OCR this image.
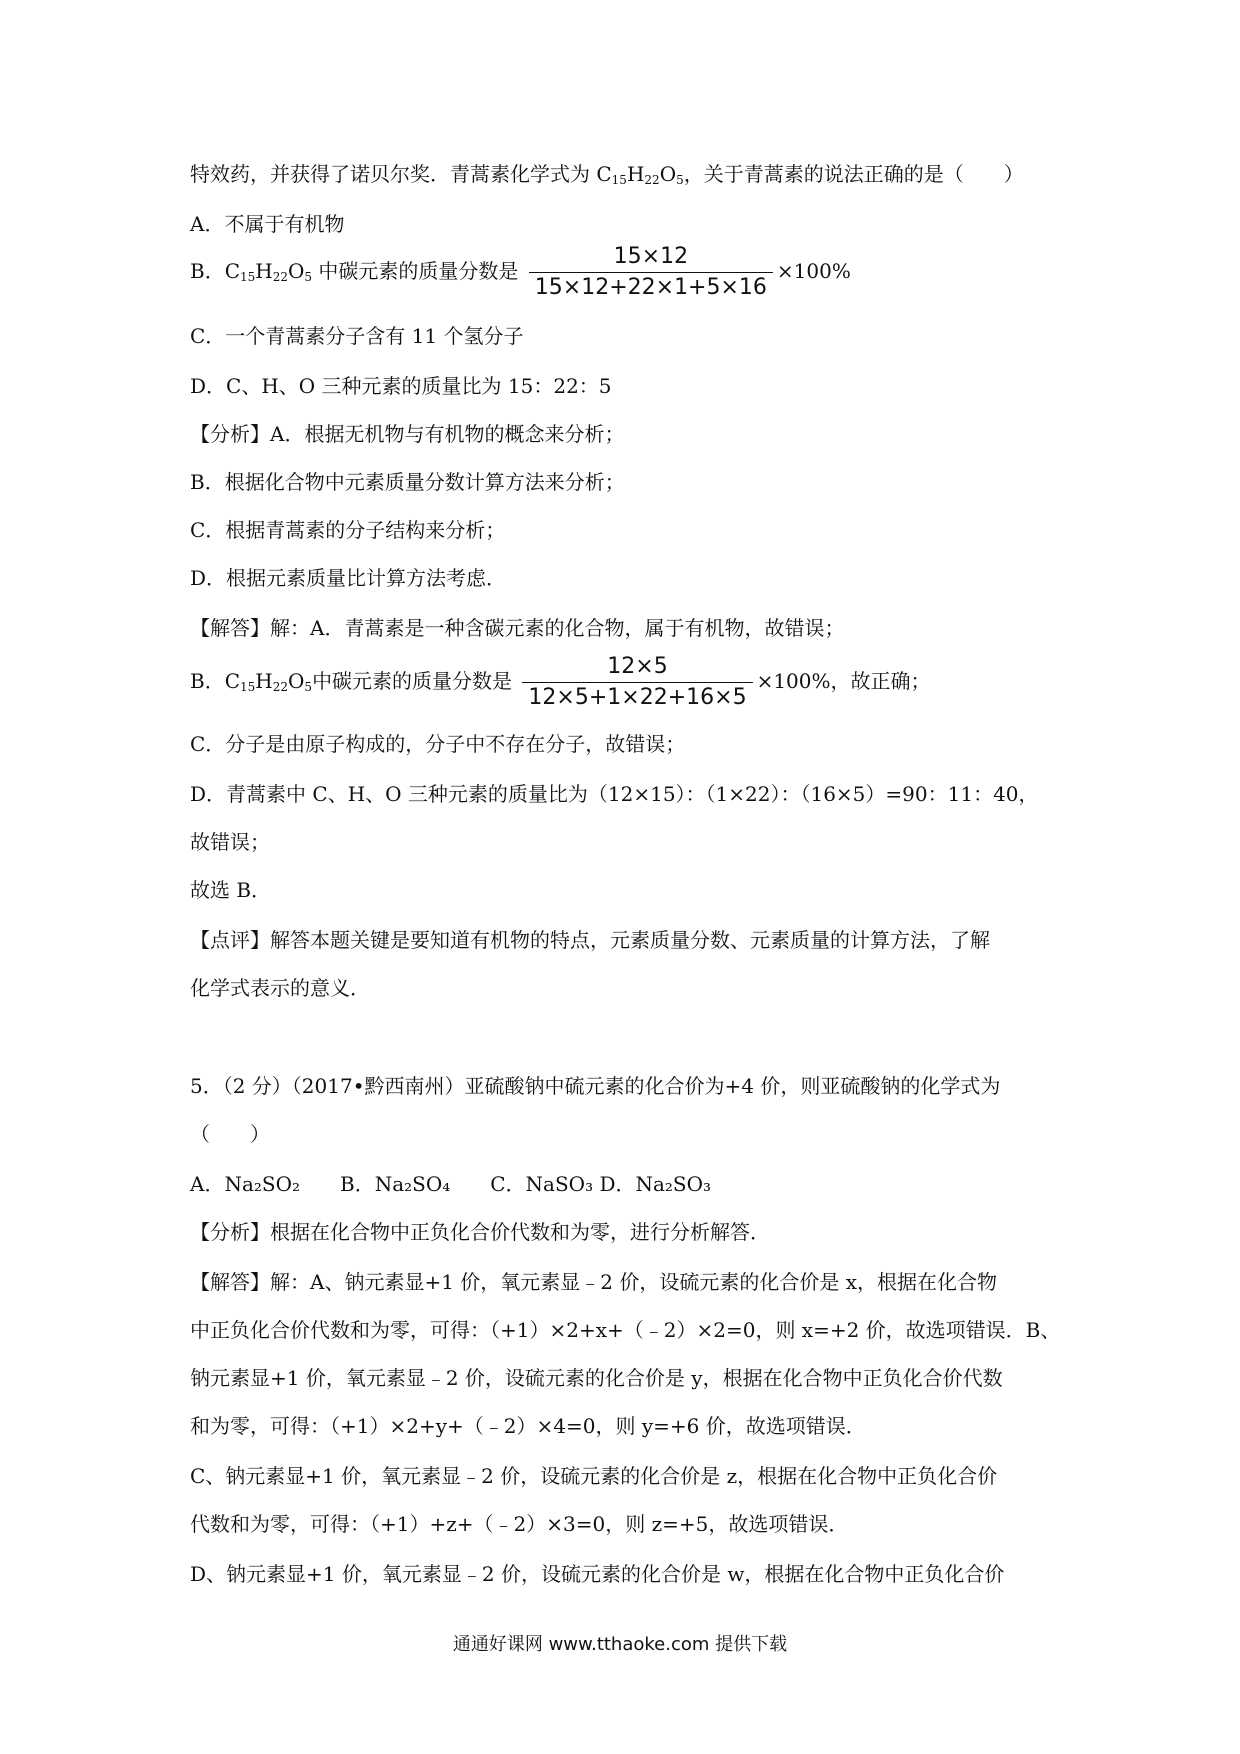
特效药，并获得了诺贝尔奖．青蒿素化学式为 $C_{15}H_{22}O_5$，关于青蒿素的说法正确的是（　　）
A．不属于有机物
B．$C_{15}H_{22}O_5$ 中碳元素的质量分数是 $\frac{15\times 12}{15\times 12+22\times 1+5\times 16} \times 100\%$
C．一个青蒿素分子含有 11 个氢分子
D．C、H、O 三种元素的质量比为 15：22：5
【分析】A．根据无机物与有机物的概念来分析；
B．根据化合物中元素质量分数计算方法来分析；
C．根据青蒿素的分子结构来分析；
D．根据元素质量比计算方法考虑．
【解答】解：A．青蒿素是一种含碳元素的化合物，属于有机物，故错误；
B．$C_{15}H_{22}O_5$中碳元素的质量分数是 $\frac{12\times 5}{12\times 5+1\times 22+16\times 5} \times 100\%$，故正确；
C．分子是由原子构成的，分子中不存在分子，故错误；
D．青蒿素中 C、H、O 三种元素的质量比为（12×15）：（1×22）：（16×5）=90：11：40，
故错误；
故选 B．
【点评】解答本题关键是要知道有机物的特点，元素质量分数、元素质量的计算方法，了解
化学式表示的意义．
5．（2 分）（2017•黔西南州）亚硫酸钠中硫元素的化合价为+4 价，则亚硫酸钠的化学式为
（　　）
A．Na₂SO₂　　B．Na₂SO₄　　C．NaSO₃ D．Na₂SO₃
【分析】根据在化合物中正负化合价代数和为零，进行分析解答．
【解答】解：A、钠元素显+1 价，氧元素显﹣2 价，设硫元素的化合价是 x，根据在化合物
中正负化合价代数和为零，可得：（+1）×2+x+（﹣2）×2=0，则 x=+2 价，故选项错误．B、
钠元素显+1 价，氧元素显﹣2 价，设硫元素的化合价是 y，根据在化合物中正负化合价代数
和为零，可得：（+1）×2+y+（﹣2）×4=0，则 y=+6 价，故选项错误．
C、钠元素显+1 价，氧元素显﹣2 价，设硫元素的化合价是 z，根据在化合物中正负化合价
代数和为零，可得：（+1）+z+（﹣2）×3=0，则 z=+5，故选项错误．
D、钠元素显+1 价，氧元素显﹣2 价，设硫元素的化合价是 w，根据在化合物中正负化合价
通通好课网 www.tthaoke.com 提供下载
